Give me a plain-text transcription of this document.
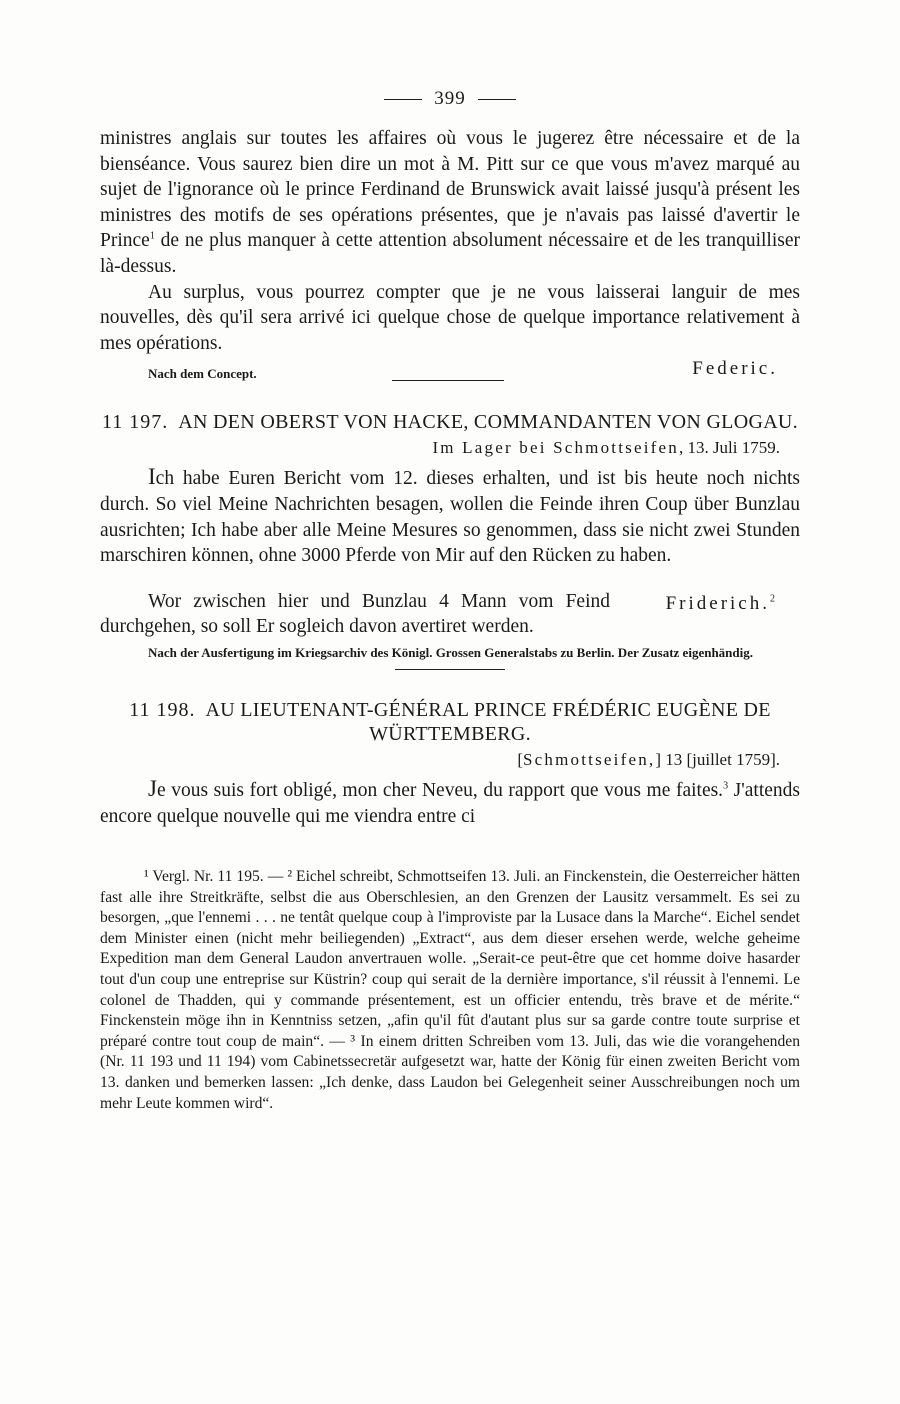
399

ministres anglais sur toutes les affaires où vous le jugerez être nécessaire et de la bienséance. Vous saurez bien dire un mot à M. Pitt sur ce que vous m'avez marqué au sujet de l'ignorance où le prince Ferdinand de Brunswick avait laissé jusqu'à présent les ministres des motifs de ses opérations présentes, que je n'avais pas laissé d'avertir le Prince$^1$ de ne plus manquer à cette attention absolument nécessaire et de les tranquilliser là-dessus.

Au surplus, vous pourrez compter que je ne vous laisserai languir de mes nouvelles, dès qu'il sera arrivé ici quelque chose de quelque importance relativement à mes opérations.

Nach dem Concept.	Federic.
11 197. AN DEN OBERST VON HACKE, COMMANDANTEN VON GLOGAU.
Im Lager bei Schmottseifen, 13. Juli 1759.

Ich habe Euren Bericht vom 12. dieses erhalten, und ist bis heute noch nichts durch. So viel Meine Nachrichten besagen, wollen die Feinde ihren Coup über Bunzlau ausrichten; Ich habe aber alle Meine Mesures so genommen, dass sie nicht zwei Stunden marschiren können, ohne 3000 Pferde von Mir auf den Rücken zu haben.

Wor zwischen hier und Bunzlau 4 Mann vom Feind durchgehen, so soll Er sogleich davon avertiret werden.

Friderich.$^2$
Nach der Ausfertigung im Kriegsarchiv des Königl. Grossen Generalstabs zu Berlin. Der Zusatz eigenhändig.
11 198. AU LIEUTENANT-GÉNÉRAL PRINCE FRÉDÉRIC EUGÈNE DE WÜRTTEMBERG.
[Schmottseifen,] 13 [juillet 1759].

Je vous suis fort obligé, mon cher Neveu, du rapport que vous me faites.$^3$ J'attends encore quelque nouvelle qui me viendra entre ci

¹ Vergl. Nr. 11 195. — ² Eichel schreibt, Schmottseifen 13. Juli. an Finckenstein, die Oesterreicher hätten fast alle ihre Streitkräfte, selbst die aus Oberschlesien, an den Grenzen der Lausitz versammelt. Es sei zu besorgen, „que l'ennemi . . . ne tentât quelque coup à l'improviste par la Lusace dans la Marche“. Eichel sendet dem Minister einen (nicht mehr beiliegenden) „Extract“, aus dem dieser ersehen werde, welche geheime Expedition man dem General Laudon anvertrauen wolle. „Serait-ce peut-être que cet homme doive hasarder tout d'un coup une entreprise sur Küstrin? coup qui serait de la dernière importance, s'il réussit à l'ennemi. Le colonel de Thadden, qui y commande présentement, est un officier entendu, très brave et de mérite.“ Finckenstein möge ihn in Kenntniss setzen, „afin qu'il fût d'autant plus sur sa garde contre toute surprise et préparé contre tout coup de main“. — ³ In einem dritten Schreiben vom 13. Juli, das wie die vorangehenden (Nr. 11 193 und 11 194) vom Cabinetssecretär aufgesetzt war, hatte der König für einen zweiten Bericht vom 13. danken und bemerken lassen: „Ich denke, dass Laudon bei Gelegenheit seiner Ausschreibungen noch um mehr Leute kommen wird“.
